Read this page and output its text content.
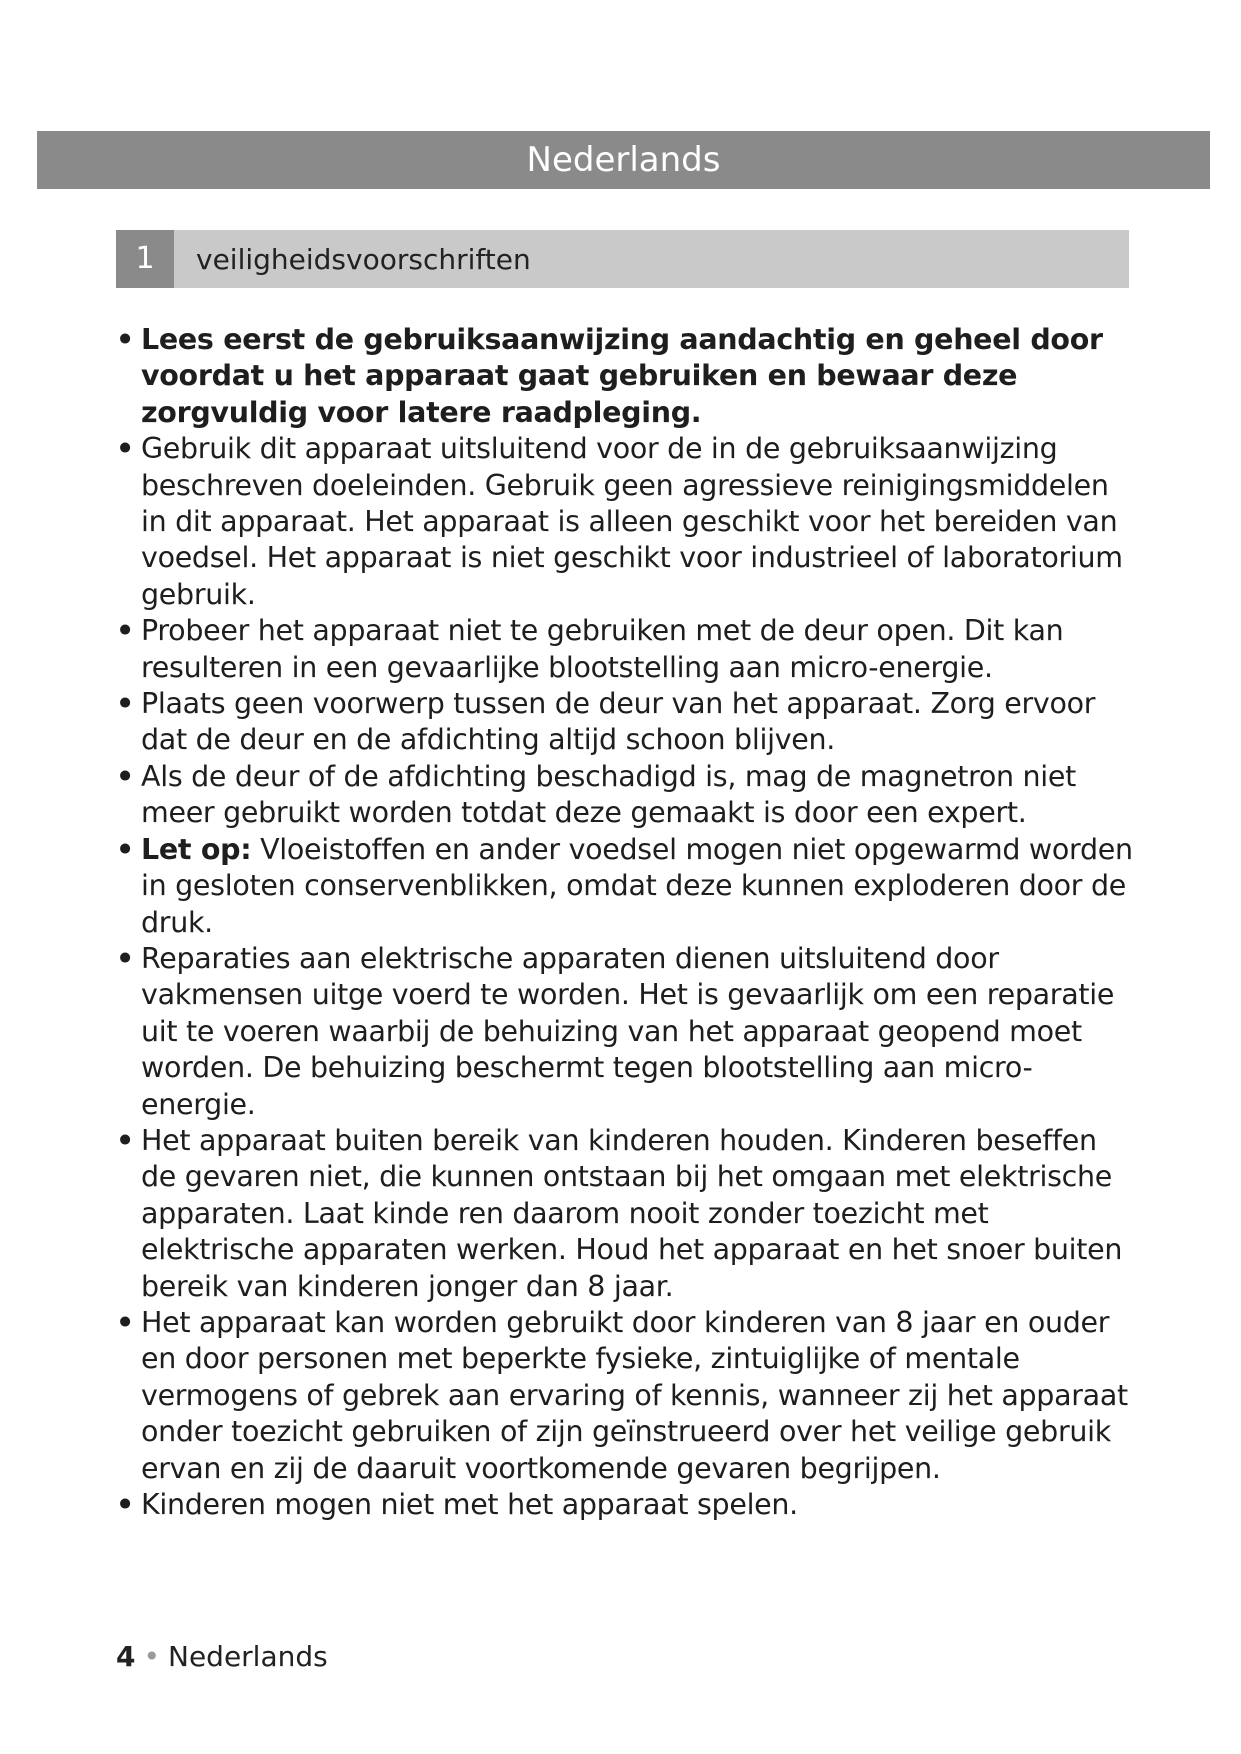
Nederlands
1	veiligheidsvoorschriften
• Lees eerst de gebruiksaanwijzing aandachtig en geheel door voordat u het apparaat gaat gebruiken en bewaar deze zorgvuldig voor latere raadpleging.
• Gebruik dit apparaat uitsluitend voor de in de gebruiksaanwijzing beschreven doeleinden. Gebruik geen agressieve reinigingsmiddelen in dit apparaat. Het apparaat is alleen geschikt voor het bereiden van voedsel. Het apparaat is niet geschikt voor industrieel of laboratorium gebruik.
• Probeer het apparaat niet te gebruiken met de deur open. Dit kan resulteren in een gevaarlijke blootstelling aan micro-energie.
• Plaats geen voorwerp tussen de deur van het apparaat. Zorg ervoor dat de deur en de afdichting altijd schoon blijven.
• Als de deur of de afdichting beschadigd is, mag de magnetron niet meer gebruikt worden totdat deze gemaakt is door een expert.
• Let op: Vloeistoffen en ander voedsel mogen niet opgewarmd worden in gesloten conservenblikken, omdat deze kunnen exploderen door de druk.
• Reparaties aan elektrische apparaten dienen uitsluitend door vakmensen uitge voerd te worden. Het is gevaarlijk om een reparatie uit te voeren waarbij de behuizing van het apparaat geopend moet worden. De behuizing beschermt tegen blootstelling aan micro-energie.
• Het apparaat buiten bereik van kinderen houden. Kinderen beseffen de gevaren niet, die kunnen ontstaan bij het omgaan met elektrische apparaten. Laat kinde ren daarom nooit zonder toezicht met elektrische apparaten werken. Houd het apparaat en het snoer buiten bereik van kinderen jonger dan 8 jaar.
• Het apparaat kan worden gebruikt door kinderen van 8 jaar en ouder en door personen met beperkte fysieke, zintuiglijke of mentale vermogens of gebrek aan ervaring of kennis, wanneer zij het apparaat onder toezicht gebruiken of zijn geïnstrueerd over het veilige gebruik ervan en zij de daaruit voortkomende gevaren begrijpen.
• Kinderen mogen niet met het apparaat spelen.
4 • Nederlands
